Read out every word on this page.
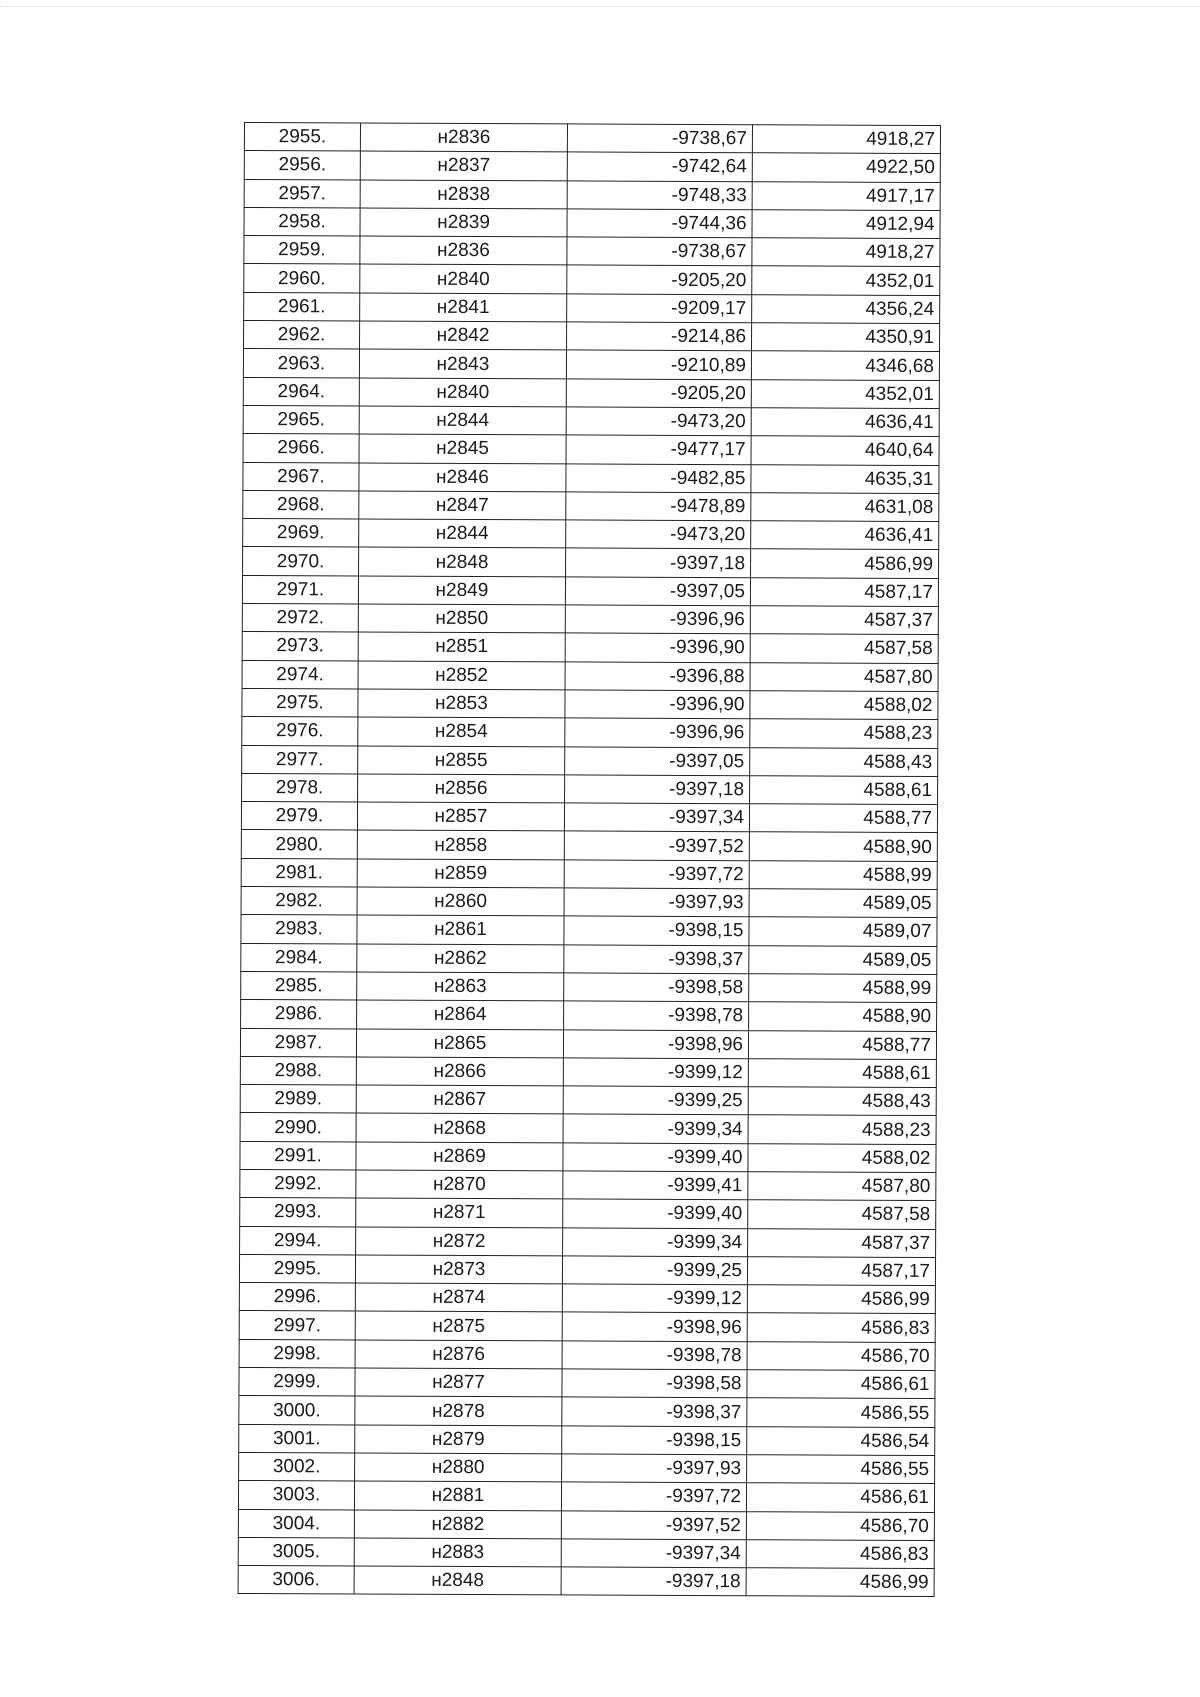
2955.	н2836	-9738,67	4918,27
2956.	н2837	-9742,64	4922,50
2957.	н2838	-9748,33	4917,17
2958.	н2839	-9744,36	4912,94
2959.	н2836	-9738,67	4918,27
2960.	н2840	-9205,20	4352,01
2961.	н2841	-9209,17	4356,24
2962.	н2842	-9214,86	4350,91
2963.	н2843	-9210,89	4346,68
2964.	н2840	-9205,20	4352,01
2965.	н2844	-9473,20	4636,41
2966.	н2845	-9477,17	4640,64
2967.	н2846	-9482,85	4635,31
2968.	н2847	-9478,89	4631,08
2969.	н2844	-9473,20	4636,41
2970.	н2848	-9397,18	4586,99
2971.	н2849	-9397,05	4587,17
2972.	н2850	-9396,96	4587,37
2973.	н2851	-9396,90	4587,58
2974.	н2852	-9396,88	4587,80
2975.	н2853	-9396,90	4588,02
2976.	н2854	-9396,96	4588,23
2977.	н2855	-9397,05	4588,43
2978.	н2856	-9397,18	4588,61
2979.	н2857	-9397,34	4588,77
2980.	н2858	-9397,52	4588,90
2981.	н2859	-9397,72	4588,99
2982.	н2860	-9397,93	4589,05
2983.	н2861	-9398,15	4589,07
2984.	н2862	-9398,37	4589,05
2985.	н2863	-9398,58	4588,99
2986.	н2864	-9398,78	4588,90
2987.	н2865	-9398,96	4588,77
2988.	н2866	-9399,12	4588,61
2989.	н2867	-9399,25	4588,43
2990.	н2868	-9399,34	4588,23
2991.	н2869	-9399,40	4588,02
2992.	н2870	-9399,41	4587,80
2993.	н2871	-9399,40	4587,58
2994.	н2872	-9399,34	4587,37
2995.	н2873	-9399,25	4587,17
2996.	н2874	-9399,12	4586,99
2997.	н2875	-9398,96	4586,83
2998.	н2876	-9398,78	4586,70
2999.	н2877	-9398,58	4586,61
3000.	н2878	-9398,37	4586,55
3001.	н2879	-9398,15	4586,54
3002.	н2880	-9397,93	4586,55
3003.	н2881	-9397,72	4586,61
3004.	н2882	-9397,52	4586,70
3005.	н2883	-9397,34	4586,83
3006.	н2848	-9397,18	4586,99
